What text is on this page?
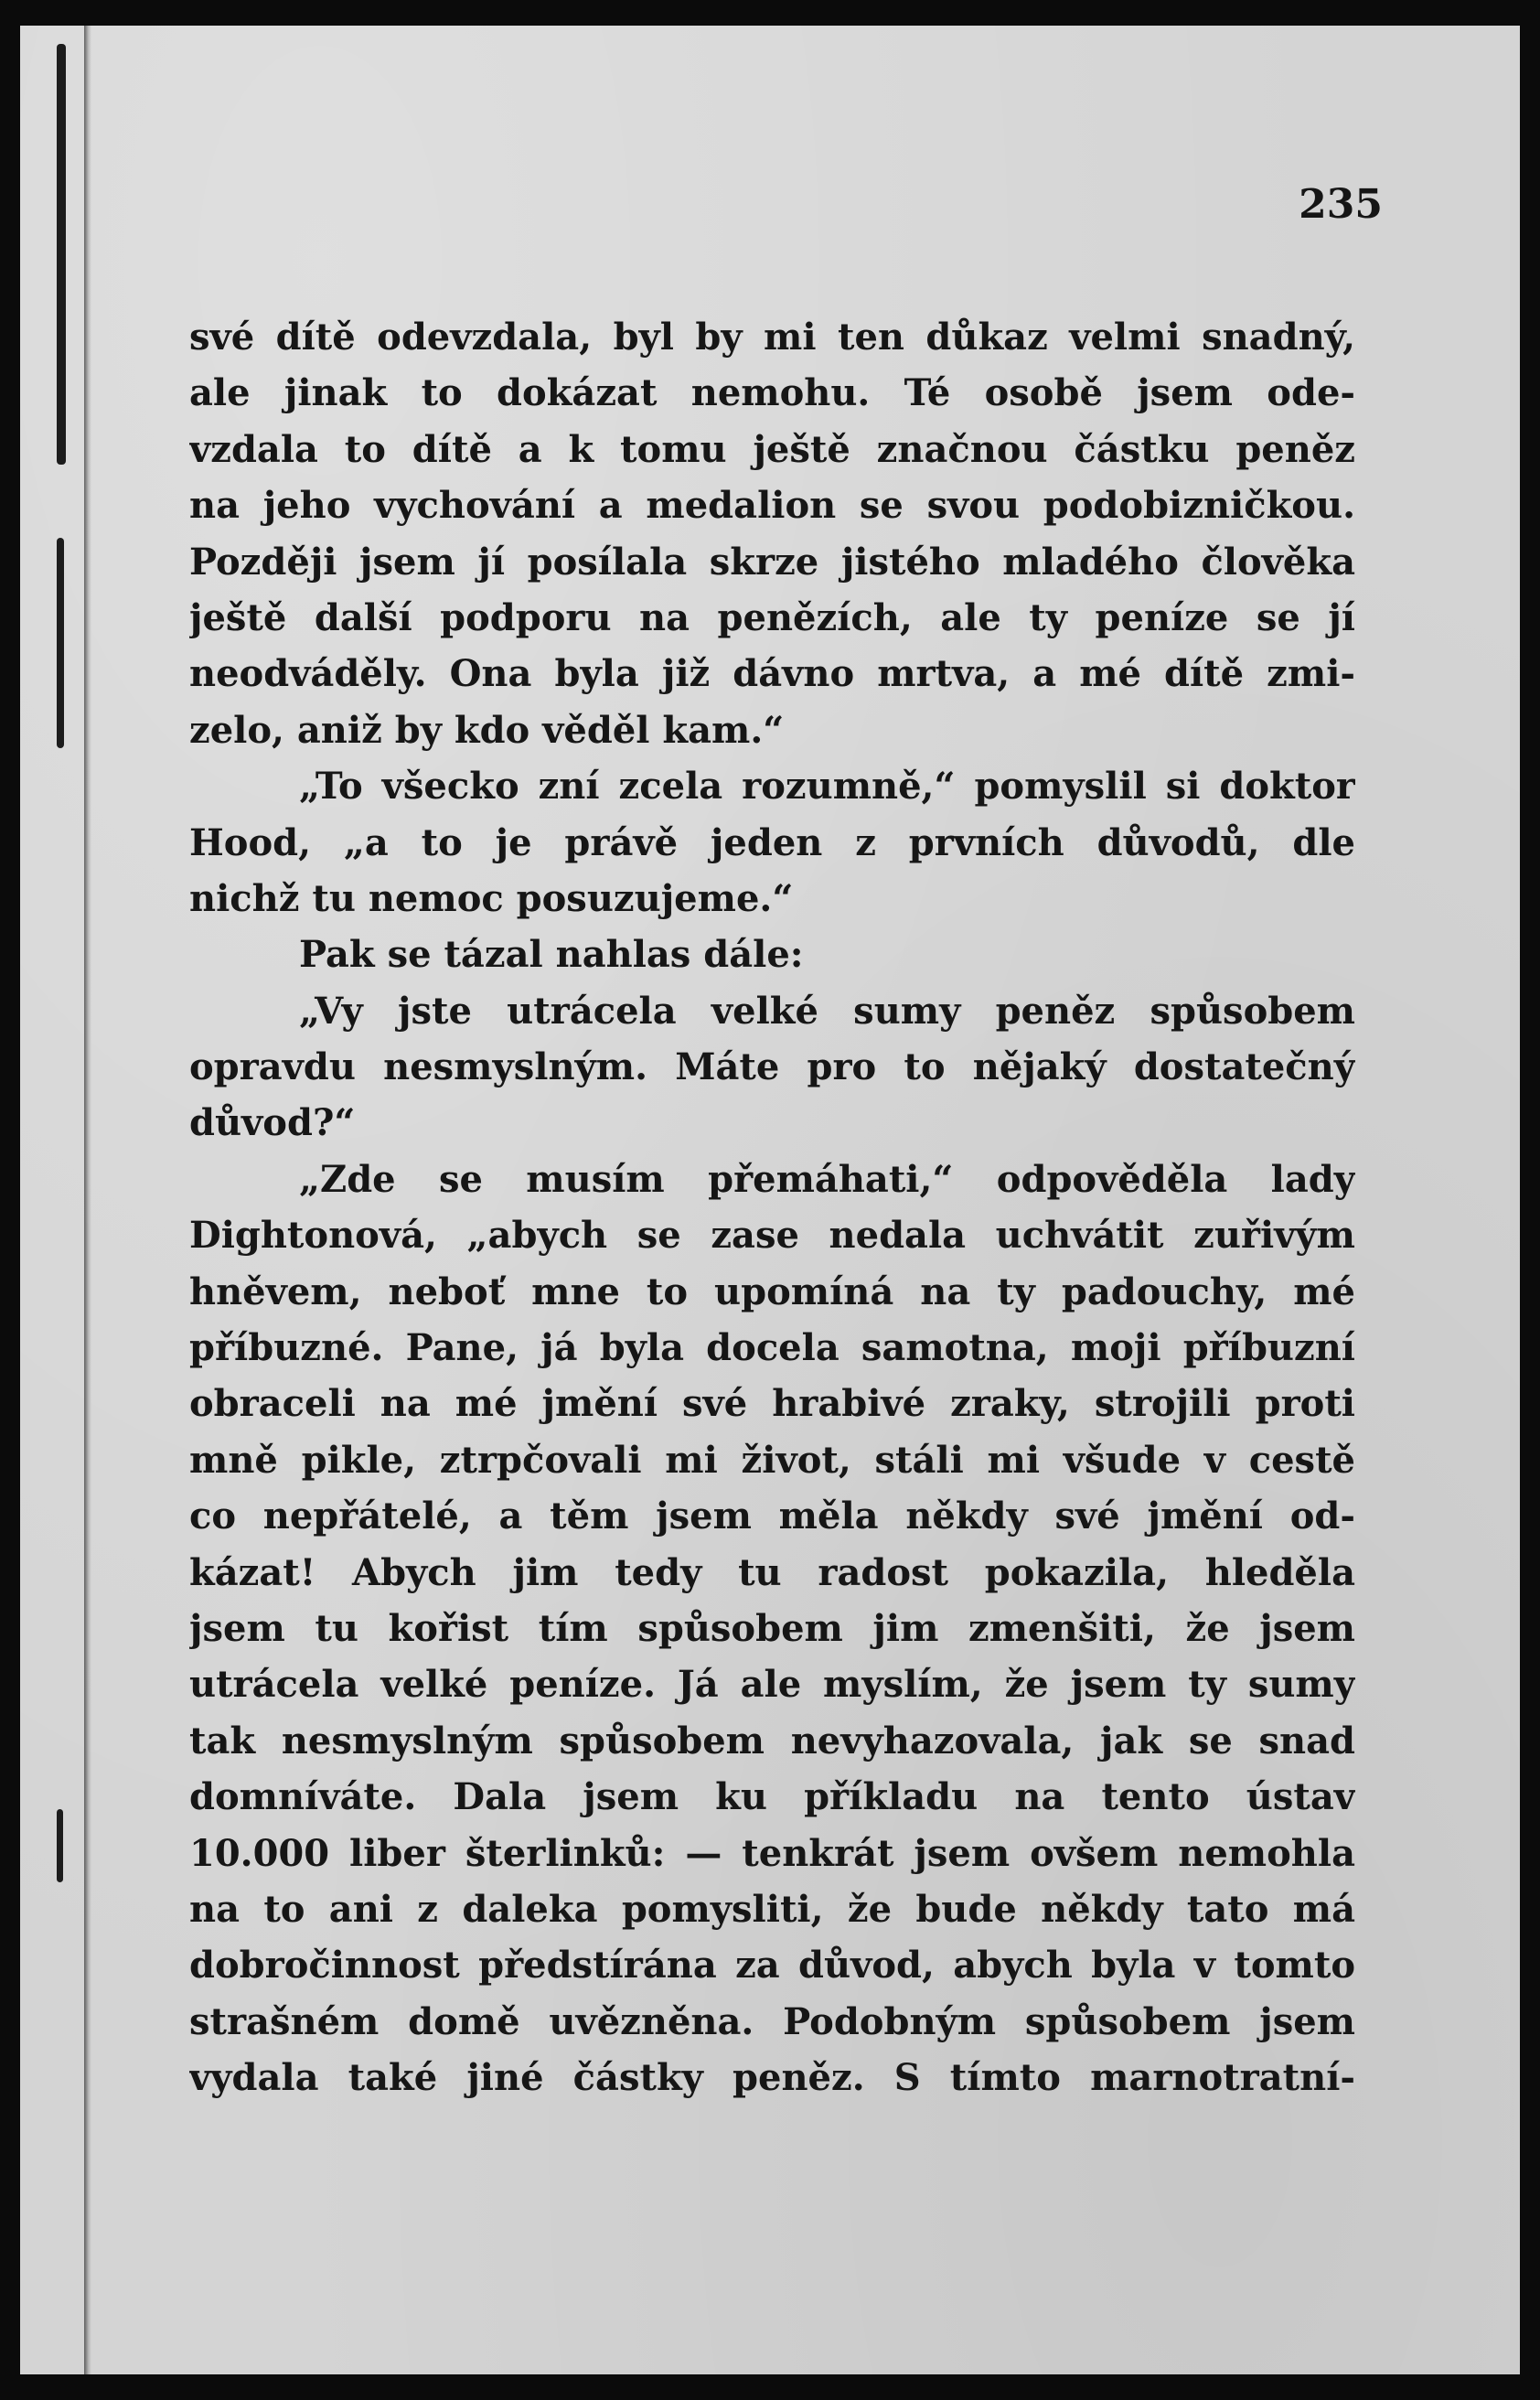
235

své dítě odevzdala, byl by mi ten důkaz velmi snadný,
ale jinak to dokázat nemohu. Té osobě jsem ode-
vzdala to dítě a k tomu ještě značnou částku peněz
na jeho vychování a medalion se svou podobizničkou.
Později jsem jí posílala skrze jistého mladého člověka
ještě další podporu na penězích, ale ty peníze se jí
neodváděly. Ona byla již dávno mrtva, a mé dítě zmi-
zelo, aniž by kdo věděl kam.“
„To všecko zní zcela rozumně,“ pomyslil si doktor
Hood, „a to je právě jeden z prvních důvodů, dle
nichž tu nemoc posuzujeme.“
Pak se tázal nahlas dále:
„Vy jste utrácela velké sumy peněz spůsobem
opravdu nesmyslným. Máte pro to nějaký dostatečný
důvod?“
„Zde se musím přemáhati,“ odpověděla lady
Dightonová, „abych se zase nedala uchvátit zuřivým
hněvem, neboť mne to upomíná na ty padouchy, mé
příbuzné. Pane, já byla docela samotna, moji příbuzní
obraceli na mé jmění své hrabivé zraky, strojili proti
mně pikle, ztrpčovali mi život, stáli mi všude v cestě
co nepřátelé, a těm jsem měla někdy své jmění od-
kázat! Abych jim tedy tu radost pokazila, hleděla
jsem tu kořist tím spůsobem jim zmenšiti, že jsem
utrácela velké peníze. Já ale myslím, že jsem ty sumy
tak nesmyslným spůsobem nevyhazovala, jak se snad
domníváte. Dala jsem ku příkladu na tento ústav
10.000 liber šterlinků: — tenkrát jsem ovšem nemohla
na to ani z daleka pomysliti, že bude někdy tato má
dobročinnost předstírána za důvod, abych byla v tomto
strašném domě uvězněna. Podobným spůsobem jsem
vydala také jiné částky peněz. S tímto marnotratní-
